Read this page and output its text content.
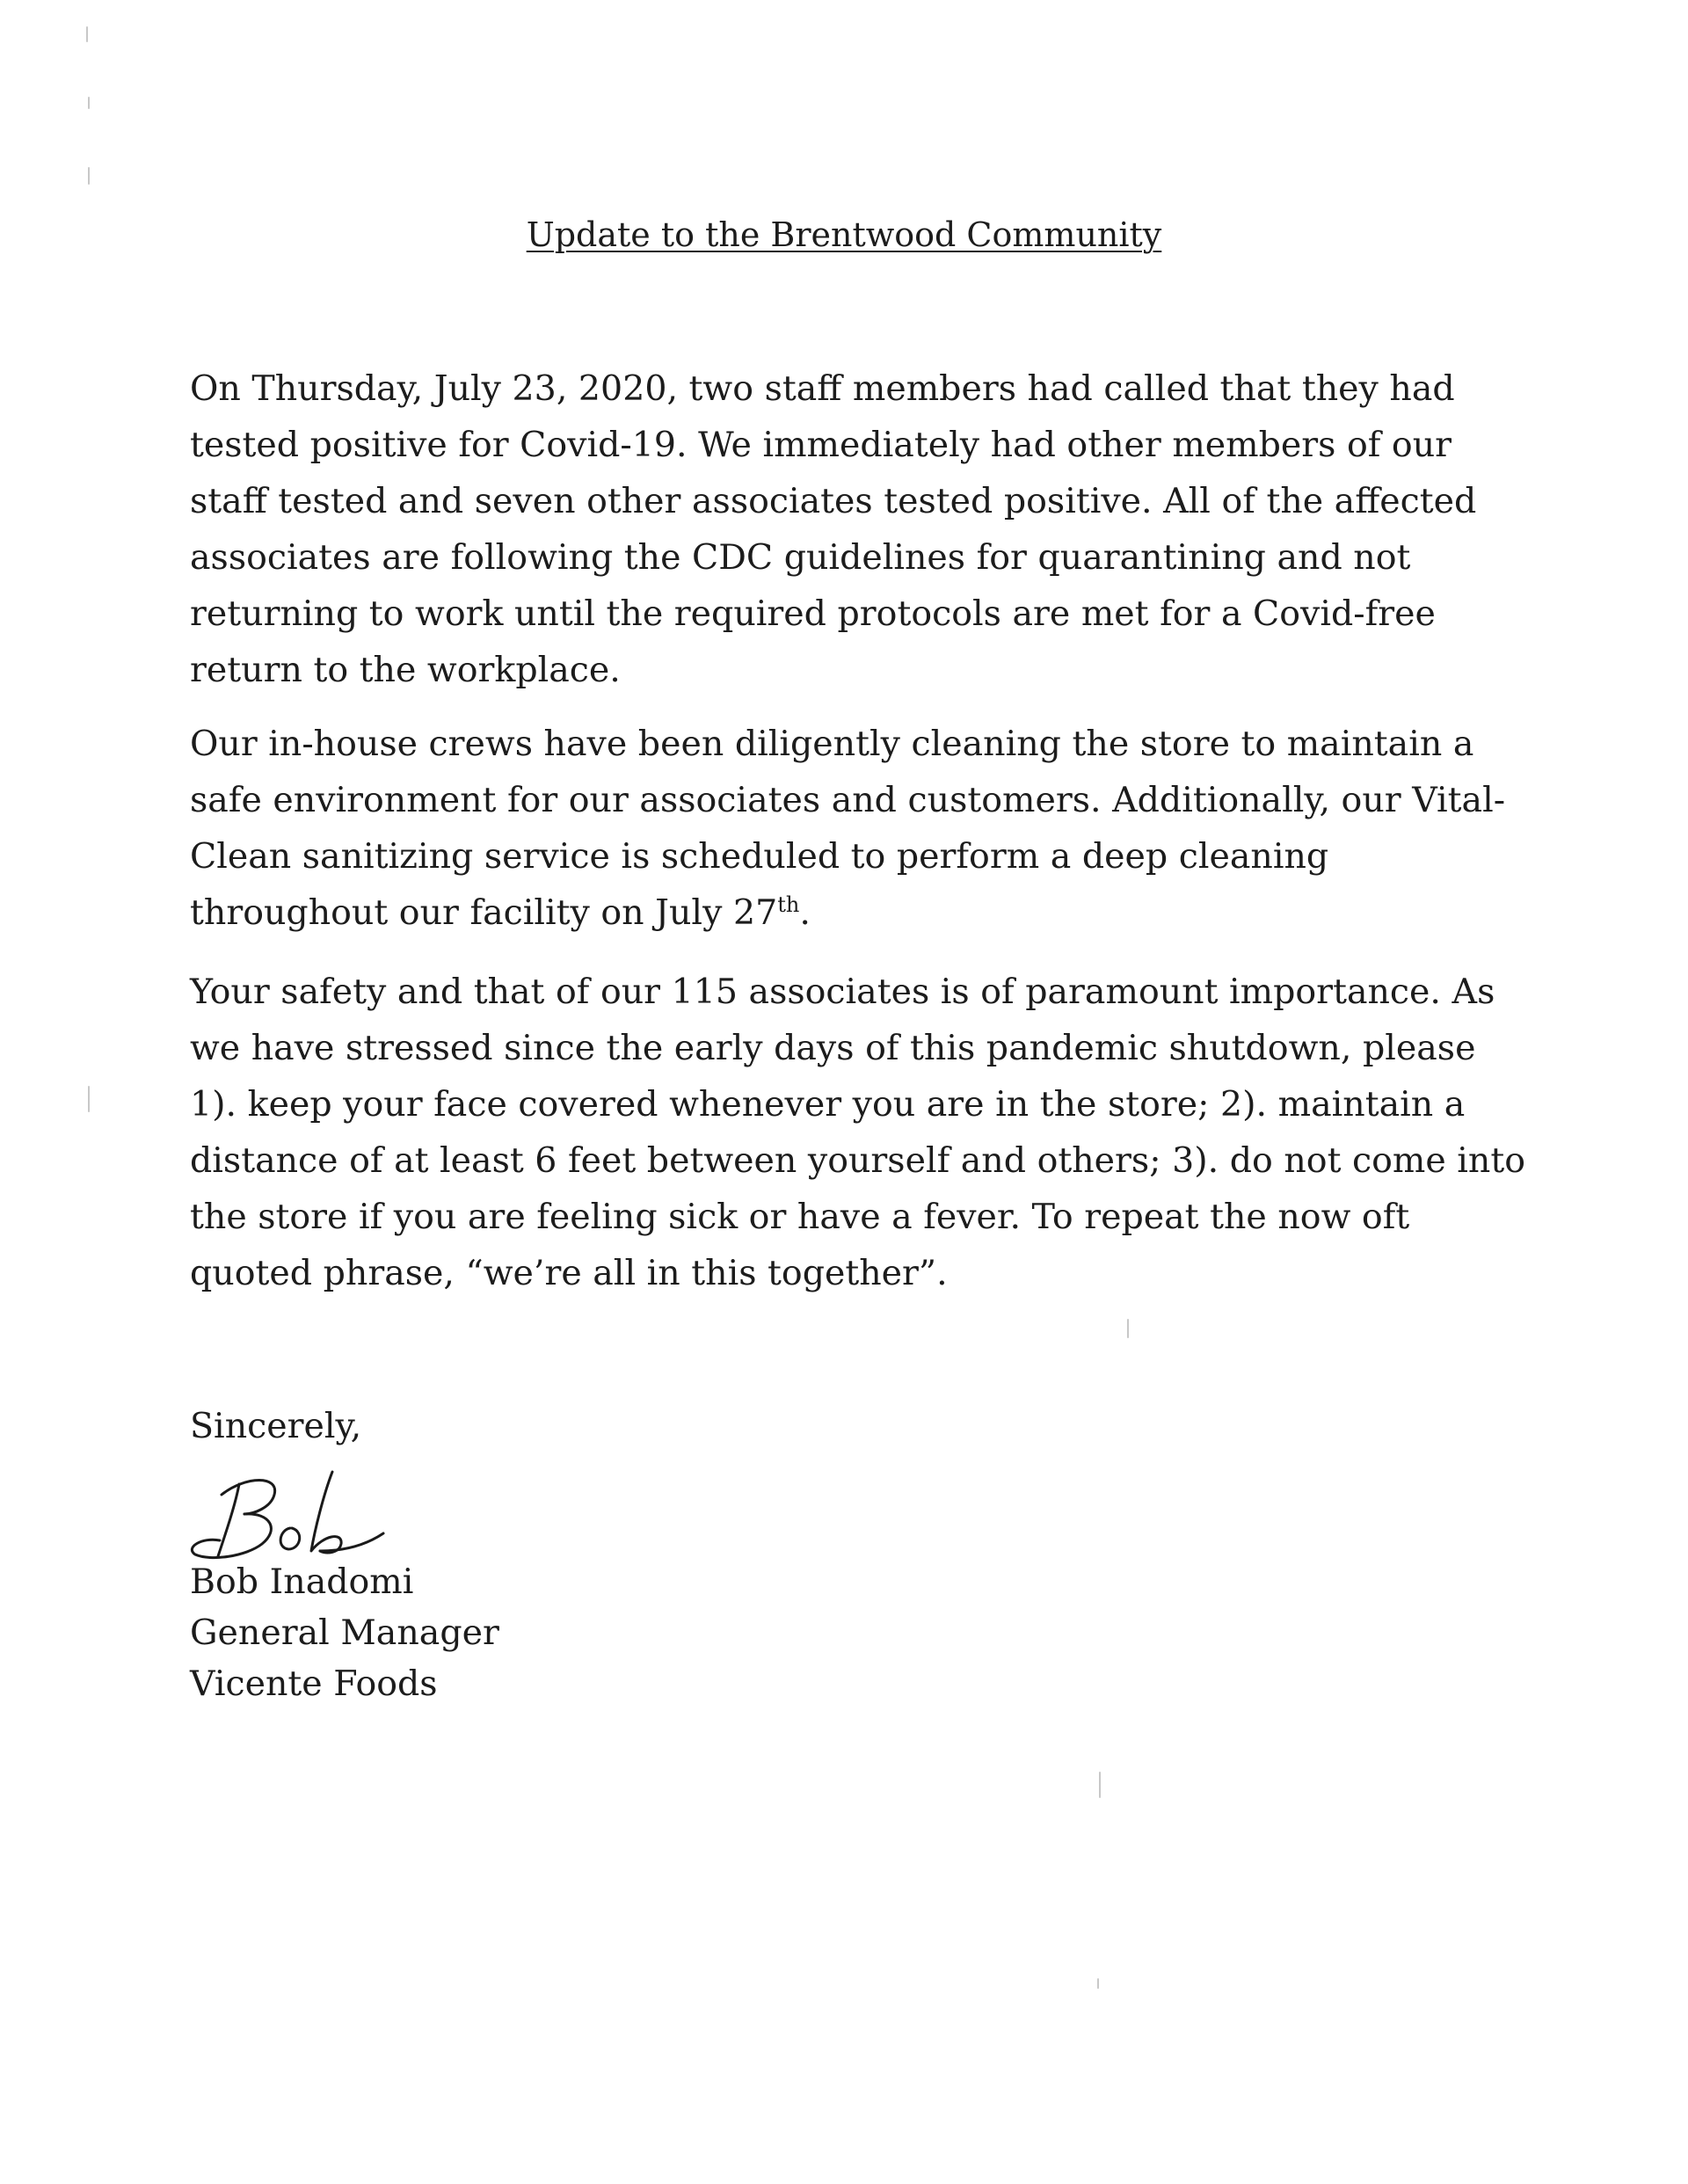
Update to the Brentwood Community

On Thursday, July 23, 2020, two staff members had called that they had
tested positive for Covid-19. We immediately had other members of our
staff tested and seven other associates tested positive. All of the affected
associates are following the CDC guidelines for quarantining and not
returning to work until the required protocols are met for a Covid-free
return to the workplace.

Our in-house crews have been diligently cleaning the store to maintain a
safe environment for our associates and customers. Additionally, our Vital-
Clean sanitizing service is scheduled to perform a deep cleaning
throughout our facility on July 27th.

Your safety and that of our 115 associates is of paramount importance. As
we have stressed since the early days of this pandemic shutdown, please
1). keep your face covered whenever you are in the store; 2). maintain a
distance of at least 6 feet between yourself and others; 3). do not come into
the store if you are feeling sick or have a fever. To repeat the now oft
quoted phrase, “we’re all in this together”.

Sincerely,

Bob Inadomi
General Manager
Vicente Foods
